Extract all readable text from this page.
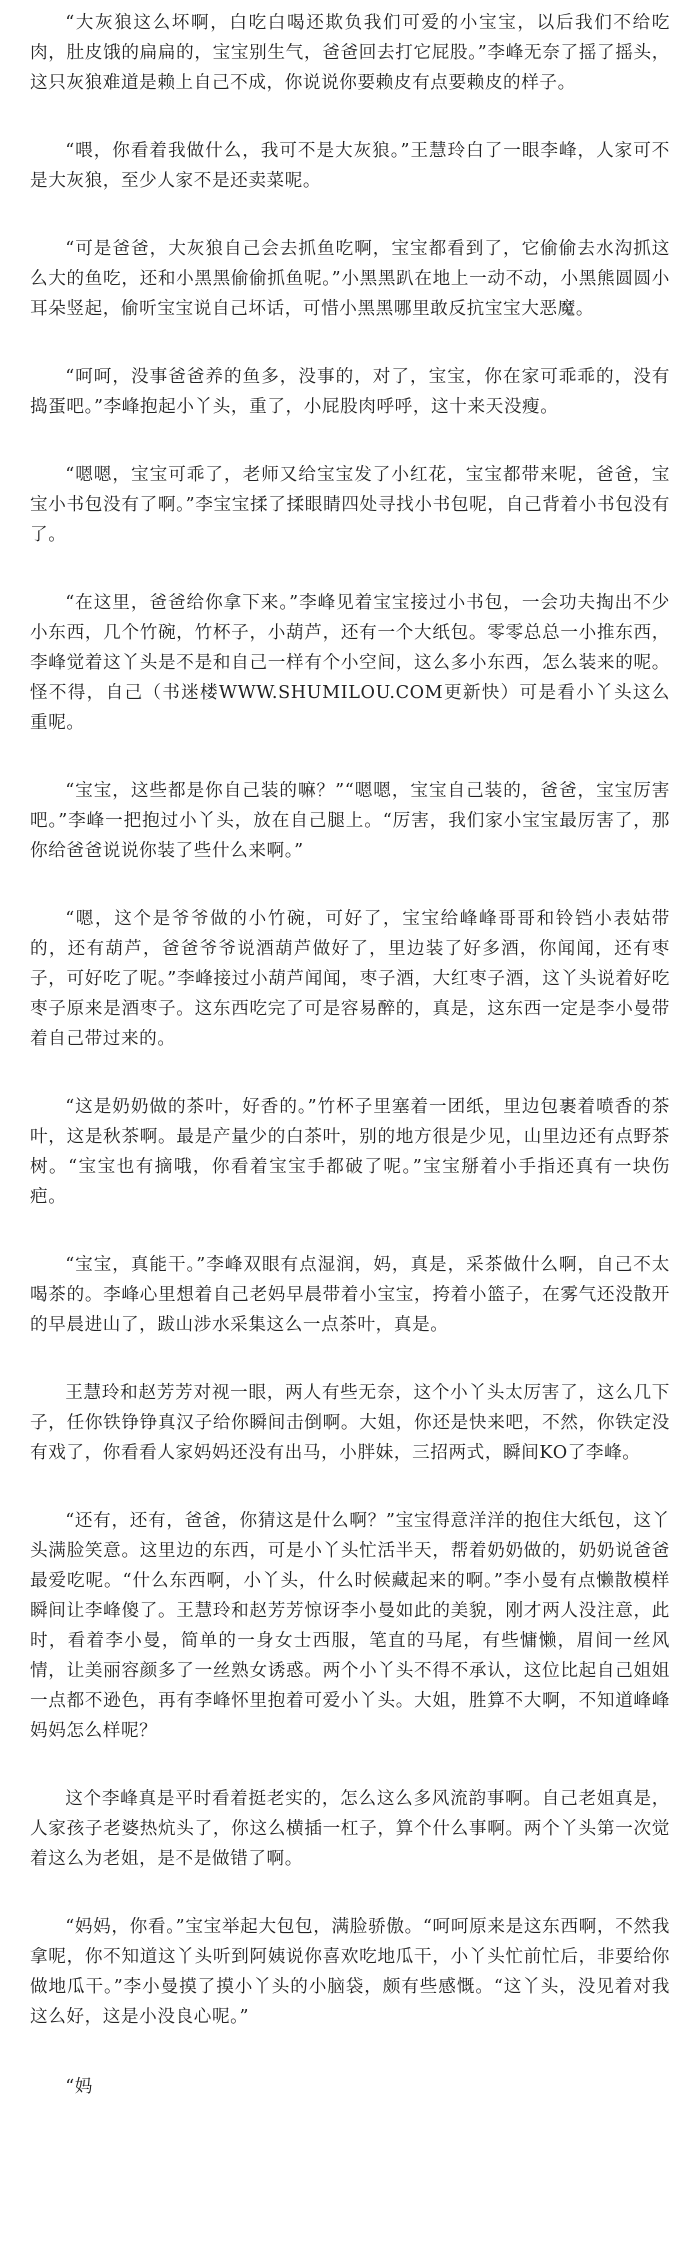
“大灰狼这么坏啊，白吃白喝还欺负我们可爱的小宝宝，以后我们不给吃肉，肚皮饿的扁扁的，宝宝别生气，爸爸回去打它屁股。”李峰无奈了摇了摇头，这只灰狼难道是赖上自己不成，你说说你要赖皮有点要赖皮的样子。

“喂，你看着我做什么，我可不是大灰狼。”王慧玲白了一眼李峰，人家可不是大灰狼，至少人家不是还卖菜呢。

“可是爸爸，大灰狼自己会去抓鱼吃啊，宝宝都看到了，它偷偷去水沟抓这么大的鱼吃，还和小黑黑偷偷抓鱼呢。”小黑黑趴在地上一动不动，小黑熊圆圆小耳朵竖起，偷听宝宝说自己坏话，可惜小黑黑哪里敢反抗宝宝大恶魔。

“呵呵，没事爸爸养的鱼多，没事的，对了，宝宝，你在家可乖乖的，没有捣蛋吧。”李峰抱起小丫头，重了，小屁股肉呼呼，这十来天没瘦。

“嗯嗯，宝宝可乖了，老师又给宝宝发了小红花，宝宝都带来呢，爸爸，宝宝小书包没有了啊。”李宝宝揉了揉眼睛四处寻找小书包呢，自己背着小书包没有了。

“在这里，爸爸给你拿下来。”李峰见着宝宝接过小书包，一会功夫掏出不少小东西，几个竹碗，竹杯子，小葫芦，还有一个大纸包。零零总总一小推东西，李峰觉着这丫头是不是和自己一样有个小空间，这么多小东西，怎么装来的呢。怪不得，自己（书迷楼WWW.SHUMILOU.COM更新快）可是看小丫头这么重呢。

“宝宝，这些都是你自己装的嘛？”“嗯嗯，宝宝自己装的，爸爸，宝宝厉害吧。”李峰一把抱过小丫头，放在自己腿上。“厉害，我们家小宝宝最厉害了，那你给爸爸说说你装了些什么来啊。”

“嗯，这个是爷爷做的小竹碗，可好了，宝宝给峰峰哥哥和铃铛小表姑带的，还有葫芦，爸爸爷爷说酒葫芦做好了，里边装了好多酒，你闻闻，还有枣子，可好吃了呢。”李峰接过小葫芦闻闻，枣子酒，大红枣子酒，这丫头说着好吃枣子原来是酒枣子。这东西吃完了可是容易醉的，真是，这东西一定是李小曼带着自己带过来的。

“这是奶奶做的茶叶，好香的。”竹杯子里塞着一团纸，里边包裹着喷香的茶叶，这是秋茶啊。最是产量少的白茶叶，别的地方很是少见，山里边还有点野茶树。“宝宝也有摘哦，你看着宝宝手都破了呢。”宝宝掰着小手指还真有一块伤疤。

“宝宝，真能干。”李峰双眼有点湿润，妈，真是，采茶做什么啊，自己不太喝茶的。李峰心里想着自己老妈早晨带着小宝宝，挎着小篮子，在雾气还没散开的早晨进山了，跋山涉水采集这么一点茶叶，真是。

王慧玲和赵芳芳对视一眼，两人有些无奈，这个小丫头太厉害了，这么几下子，任你铁铮铮真汉子给你瞬间击倒啊。大姐，你还是快来吧，不然，你铁定没有戏了，你看看人家妈妈还没有出马，小胖妹，三招两式，瞬间KO了李峰。

“还有，还有，爸爸，你猜这是什么啊？”宝宝得意洋洋的抱住大纸包，这丫头满脸笑意。这里边的东西，可是小丫头忙活半天，帮着奶奶做的，奶奶说爸爸最爱吃呢。“什么东西啊，小丫头，什么时候藏起来的啊。”李小曼有点懒散模样瞬间让李峰傻了。王慧玲和赵芳芳惊讶李小曼如此的美貌，刚才两人没注意，此时，看着李小曼，简单的一身女士西服，笔直的马尾，有些慵懒，眉间一丝风情，让美丽容颜多了一丝熟女诱惑。两个小丫头不得不承认，这位比起自己姐姐一点都不逊色，再有李峰怀里抱着可爱小丫头。大姐，胜算不大啊，不知道峰峰妈妈怎么样呢？

这个李峰真是平时看着挺老实的，怎么这么多风流韵事啊。自己老姐真是，人家孩子老婆热炕头了，你这么横插一杠子，算个什么事啊。两个丫头第一次觉着这么为老姐，是不是做错了啊。

“妈妈，你看。”宝宝举起大包包，满脸骄傲。“呵呵原来是这东西啊，不然我拿呢，你不知道这丫头听到阿姨说你喜欢吃地瓜干，小丫头忙前忙后，非要给你做地瓜干。”李小曼摸了摸小丫头的小脑袋，颇有些感慨。“这丫头，没见着对我这么好，这是小没良心呢。”

“妈
